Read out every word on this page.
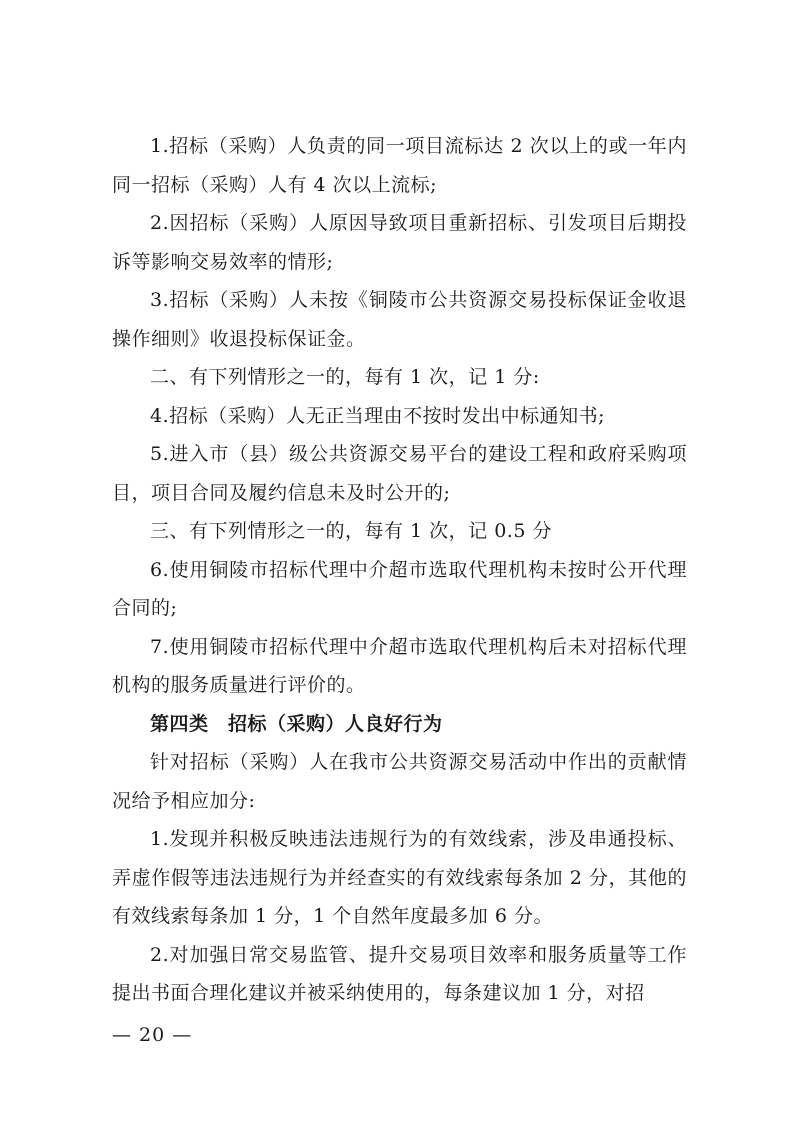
1.招标（采购）人负责的同一项目流标达 2 次以上的或一年内同一招标（采购）人有 4 次以上流标;

2.因招标（采购）人原因导致项目重新招标、引发项目后期投诉等影响交易效率的情形;

3.招标（采购）人未按《铜陵市公共资源交易投标保证金收退操作细则》收退投标保证金。

二、有下列情形之一的，每有 1 次，记 1 分:

4.招标（采购）人无正当理由不按时发出中标通知书;

5.进入市（县）级公共资源交易平台的建设工程和政府采购项目，项目合同及履约信息未及时公开的;

三、有下列情形之一的，每有 1 次，记 0.5 分

6.使用铜陵市招标代理中介超市选取代理机构未按时公开代理合同的;

7.使用铜陵市招标代理中介超市选取代理机构后未对招标代理机构的服务质量进行评价的。

第四类　招标（采购）人良好行为

针对招标（采购）人在我市公共资源交易活动中作出的贡献情况给予相应加分:

1.发现并积极反映违法违规行为的有效线索，涉及串通投标、弄虚作假等违法违规行为并经查实的有效线索每条加 2 分，其他的有效线索每条加 1 分，1 个自然年度最多加 6 分。

2.对加强日常交易监管、提升交易项目效率和服务质量等工作提出书面合理化建议并被采纳使用的，每条建议加 1 分，对招

— 20 —
